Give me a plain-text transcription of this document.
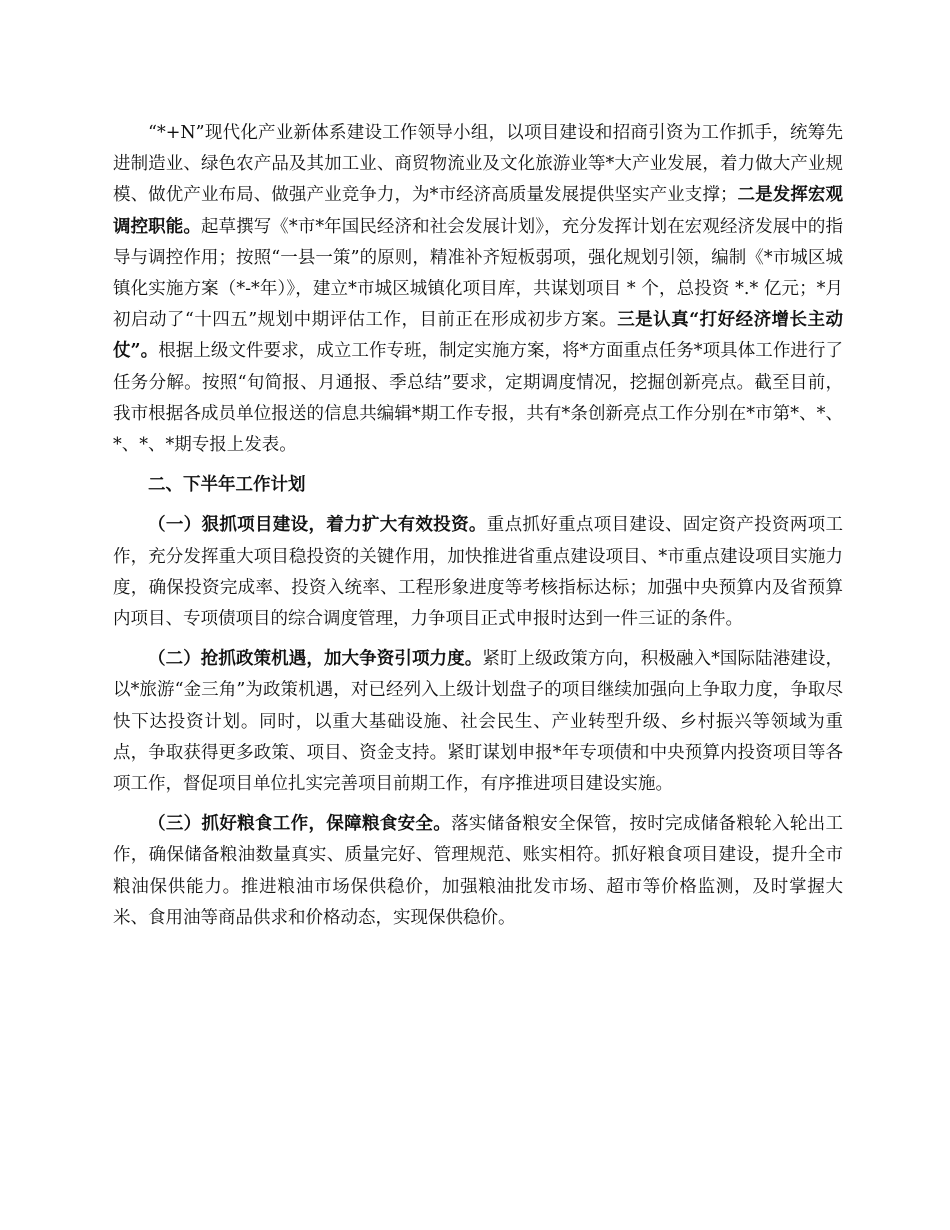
“*+N”现代化产业新体系建设工作领导小组，以项目建设和招商引资为工作抓手，统筹先进制造业、绿色农产品及其加工业、商贸物流业及文化旅游业等*大产业发展，着力做大产业规模、做优产业布局、做强产业竞争力，为*市经济高质量发展提供坚实产业支撑；二是发挥宏观调控职能。起草撰写《*市*年国民经济和社会发展计划》，充分发挥计划在宏观经济发展中的指导与调控作用；按照“一县一策”的原则，精准补齐短板弱项，强化规划引领，编制《*市城区城镇化实施方案（*-*年）》，建立*市城区城镇化项目库，共谋划项目 * 个，总投资 *.* 亿元；*月初启动了“十四五”规划中期评估工作，目前正在形成初步方案。三是认真“打好经济增长主动仗”。根据上级文件要求，成立工作专班，制定实施方案，将*方面重点任务*项具体工作进行了任务分解。按照“旬简报、月通报、季总结”要求，定期调度情况，挖掘创新亮点。截至目前，我市根据各成员单位报送的信息共编辑*期工作专报，共有*条创新亮点工作分别在*市第*、*、*、*、*期专报上发表。

二、下半年工作计划

（一）狠抓项目建设，着力扩大有效投资。重点抓好重点项目建设、固定资产投资两项工作，充分发挥重大项目稳投资的关键作用，加快推进省重点建设项目、*市重点建设项目实施力度，确保投资完成率、投资入统率、工程形象进度等考核指标达标；加强中央预算内及省预算内项目、专项债项目的综合调度管理，力争项目正式申报时达到一件三证的条件。

（二）抢抓政策机遇，加大争资引项力度。紧盯上级政策方向，积极融入*国际陆港建设，以*旅游“金三角”为政策机遇，对已经列入上级计划盘子的项目继续加强向上争取力度，争取尽快下达投资计划。同时，以重大基础设施、社会民生、产业转型升级、乡村振兴等领域为重点，争取获得更多政策、项目、资金支持。紧盯谋划申报*年专项债和中央预算内投资项目等各项工作，督促项目单位扎实完善项目前期工作，有序推进项目建设实施。

（三）抓好粮食工作，保障粮食安全。落实储备粮安全保管，按时完成储备粮轮入轮出工作，确保储备粮油数量真实、质量完好、管理规范、账实相符。抓好粮食项目建设，提升全市粮油保供能力。推进粮油市场保供稳价，加强粮油批发市场、超市等价格监测，及时掌握大米、食用油等商品供求和价格动态，实现保供稳价。
